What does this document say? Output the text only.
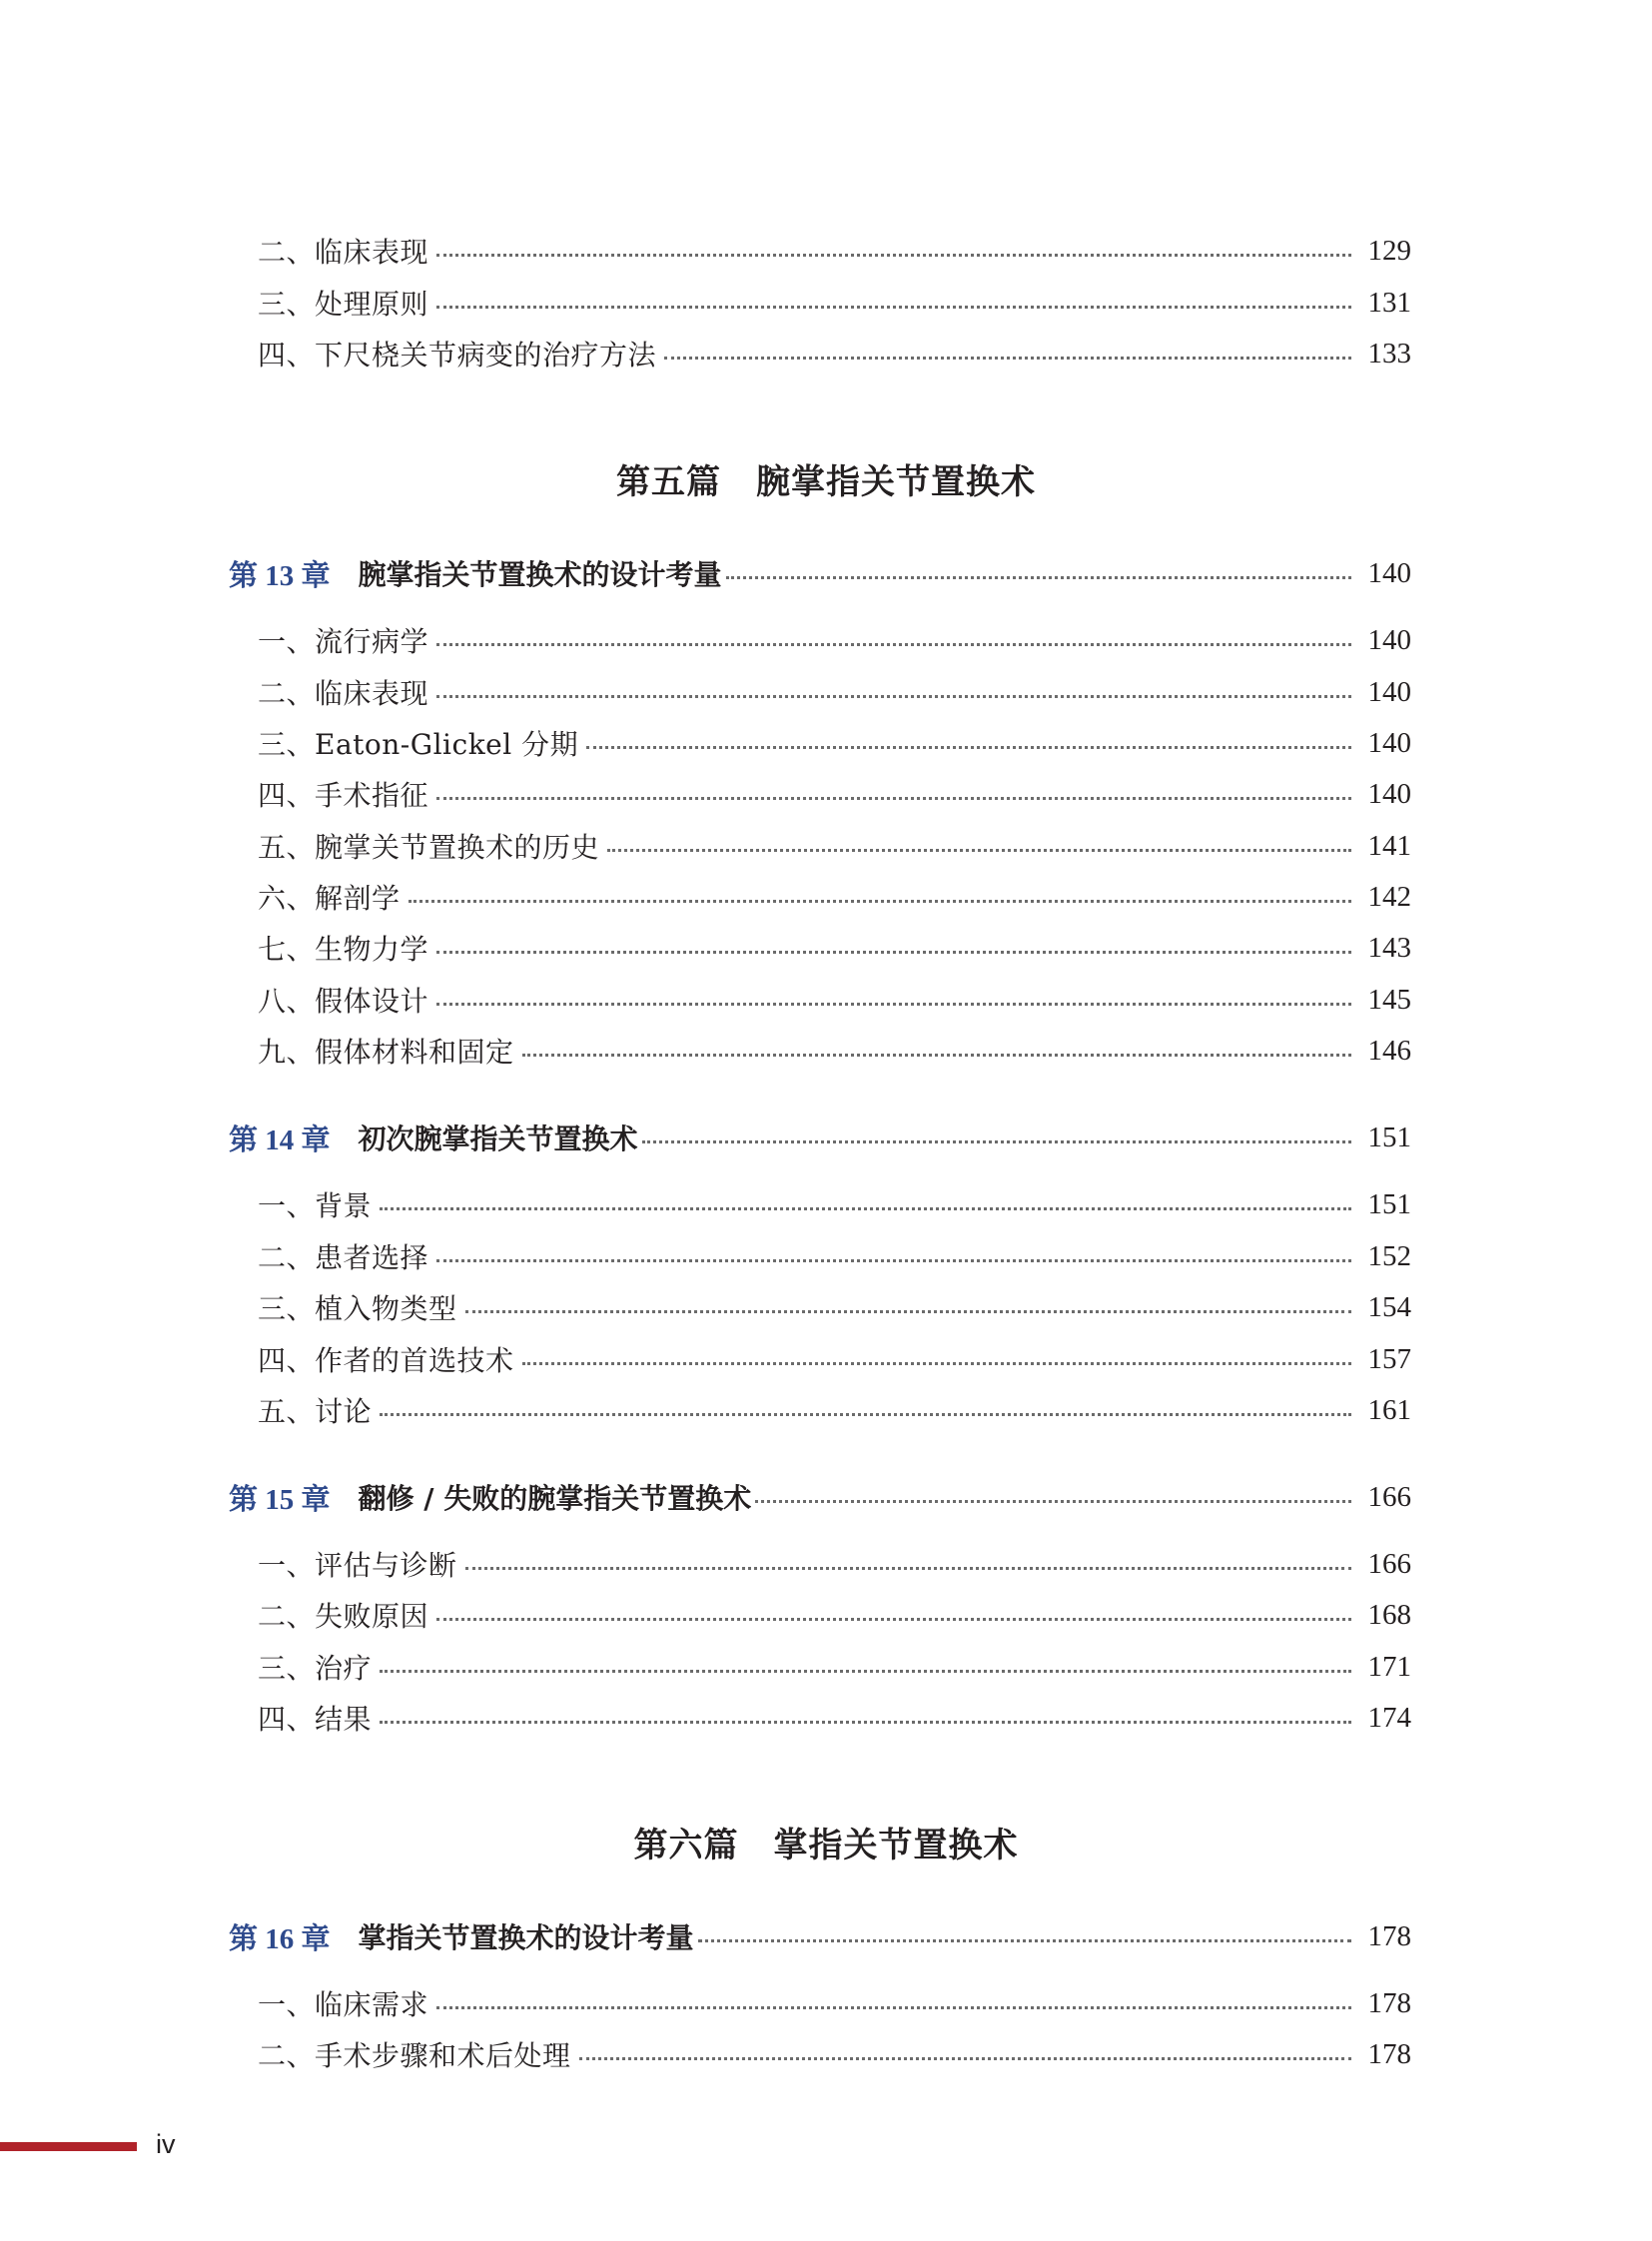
二、临床表现	129
三、处理原则	131
四、下尺桡关节病变的治疗方法	133
第五篇　腕掌指关节置换术
第 13 章 腕掌指关节置换术的设计考量	140
一、流行病学	140
二、临床表现	140
三、Eaton-Glickel 分期	140
四、手术指征	140
五、腕掌关节置换术的历史	141
六、解剖学	142
七、生物力学	143
八、假体设计	145
九、假体材料和固定	146
第 14 章 初次腕掌指关节置换术	151
一、背景	151
二、患者选择	152
三、植入物类型	154
四、作者的首选技术	157
五、讨论	161
第 15 章 翻修 / 失败的腕掌指关节置换术	166
一、评估与诊断	166
二、失败原因	168
三、治疗	171
四、结果	174
第六篇　掌指关节置换术
第 16 章 掌指关节置换术的设计考量	178
一、临床需求	178
二、手术步骤和术后处理	178
iv
